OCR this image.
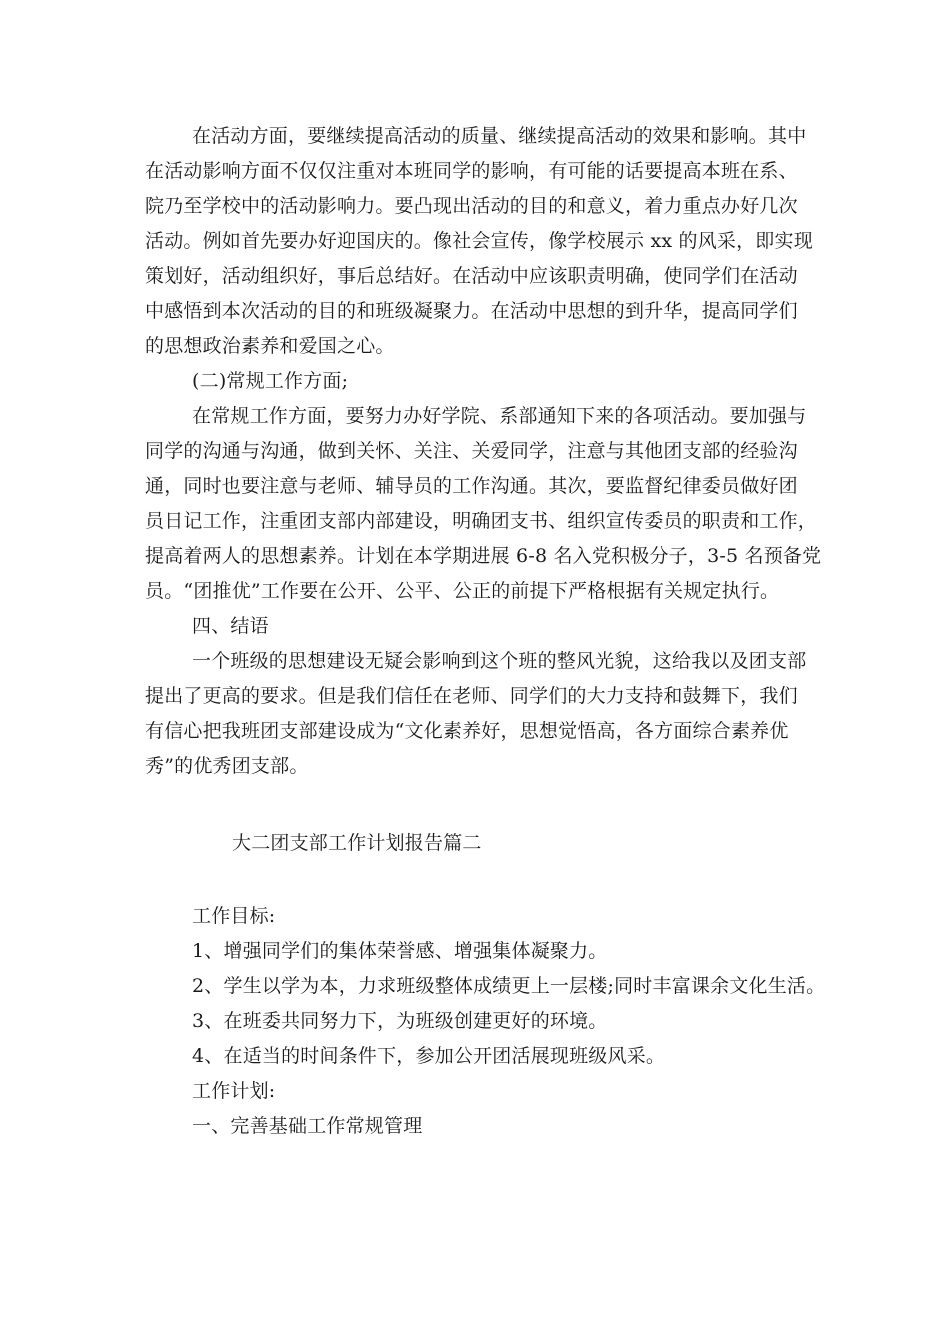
在活动方面，要继续提高活动的质量、继续提高活动的效果和影响。其中
在活动影响方面不仅仅注重对本班同学的影响，有可能的话要提高本班在系、
院乃至学校中的活动影响力。要凸现出活动的目的和意义，着力重点办好几次
活动。例如首先要办好迎国庆的。像社会宣传，像学校展示 xx 的风采，即实现
策划好，活动组织好，事后总结好。在活动中应该职责明确，使同学们在活动
中感悟到本次活动的目的和班级凝聚力。在活动中思想的到升华，提高同学们
的思想政治素养和爱国之心。
(二)常规工作方面;
在常规工作方面，要努力办好学院、系部通知下来的各项活动。要加强与
同学的沟通与沟通，做到关怀、关注、关爱同学，注意与其他团支部的经验沟
通，同时也要注意与老师、辅导员的工作沟通。其次，要监督纪律委员做好团
员日记工作，注重团支部内部建设，明确团支书、组织宣传委员的职责和工作，
提高着两人的思想素养。计划在本学期进展 6-8 名入党积极分子，3-5 名预备党
员。“团推优”工作要在公开、公平、公正的前提下严格根据有关规定执行。
四、结语
一个班级的思想建设无疑会影响到这个班的整风光貌，这给我以及团支部
提出了更高的要求。但是我们信任在老师、同学们的大力支持和鼓舞下，我们
有信心把我班团支部建设成为“文化素养好，思想觉悟高，各方面综合素养优
秀”的优秀团支部。
大二团支部工作计划报告篇二
工作目标:
1、增强同学们的集体荣誉感、增强集体凝聚力。
2、学生以学为本，力求班级整体成绩更上一层楼;同时丰富课余文化生活。
3、在班委共同努力下，为班级创建更好的环境。
4、在适当的时间条件下，参加公开团活展现班级风采。
工作计划:
一、完善基础工作常规管理
